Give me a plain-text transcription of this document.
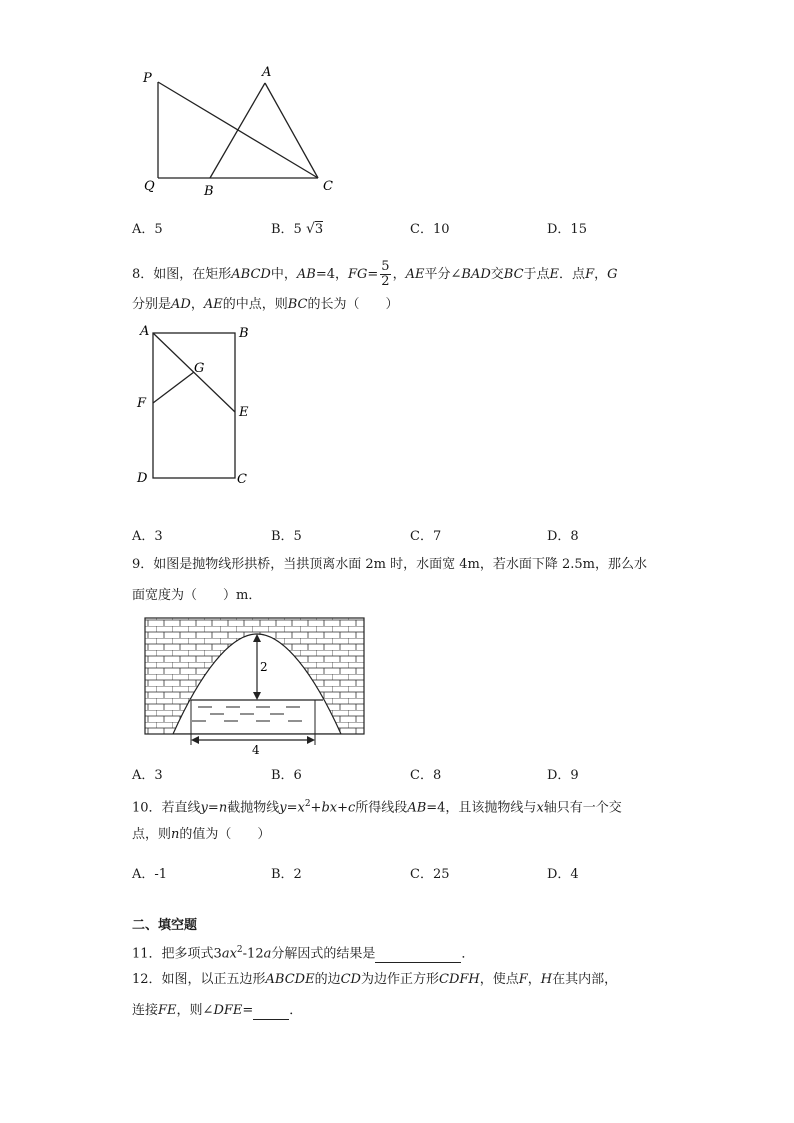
P	A
Q	B	C
A．5	B．5 √3	C．10	D．15
8．如图，在矩形ABCD中，AB=4，$FG= \frac{5}{2}$ ，AE平分∠BAD交BC于点E．点F，G
分别是AD，AE的中点，则BC的长为（　　）
A	B
G
F
E
D	C
A．3	B．5	C．7	D．8
9．如图是抛物线形拱桥，当拱顶离水面 2m 时，水面宽 4m，若水面下降 2.5m，那么水
面宽度为（　　）m．
2
4
A．3	B．6	C．8	D．9
10．若直线y=n截抛物线$y=x^2+bx+c$所得线段AB=4，且该抛物线与x轴只有一个交
点，则n的值为（　　）
A．-1	B．2	C．25	D．4
二、填空题
11．把多项式$3ax^2-12a$分解因式的结果是	．
12．如图，以正五边形ABCDE的边CD为边作正方形CDFH，使点F，H在其内部，
连接FE，则∠DFE=	．
